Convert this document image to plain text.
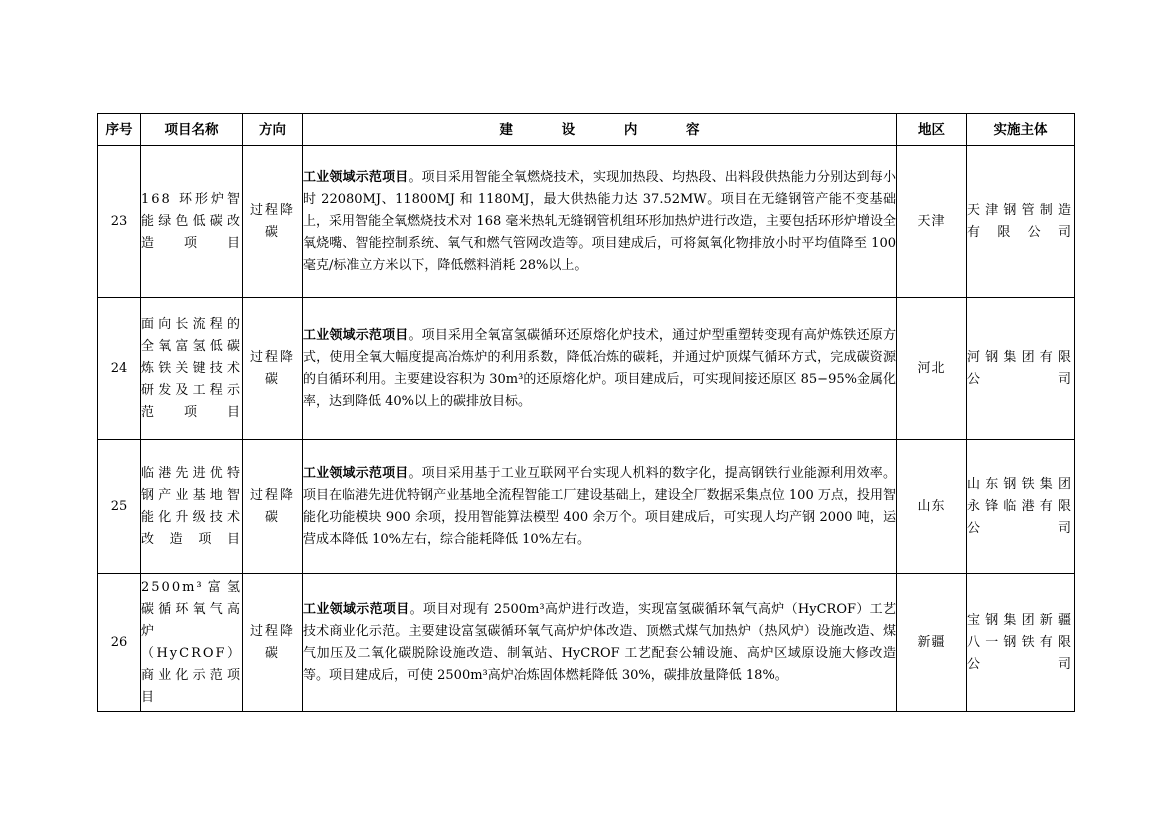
序号	项目名称	方向	建 设 内 容	地区	实施主体
23	168 环形炉智能绿色低碳改造项目	过程降碳	工业领域示范项目。项目采用智能全氧燃烧技术，实现加热段、均热段、出料段供热能力分别达到每小时 22080MJ、11800MJ 和 1180MJ，最大供热能力达 37.52MW。项目在无缝钢管产能不变基础上，采用智能全氧燃烧技术对 168 毫米热轧无缝钢管机组环形加热炉进行改造，主要包括环形炉增设全氧烧嘴、智能控制系统、氧气和燃气管网改造等。项目建成后，可将氮氧化物排放小时平均值降至 100 毫克/标准立方米以下，降低燃料消耗 28%以上。	天津	天津钢管制造有限公司
24	面向长流程的全氧富氢低碳炼铁关键技术研发及工程示范项目	过程降碳	工业领域示范项目。项目采用全氧富氢碳循环还原熔化炉技术，通过炉型重塑转变现有高炉炼铁还原方式，使用全氧大幅度提高冶炼炉的利用系数，降低冶炼的碳耗，并通过炉顶煤气循环方式，完成碳资源的自循环利用。主要建设容积为 30m³的还原熔化炉。项目建成后，可实现间接还原区 85−95%金属化率，达到降低 40%以上的碳排放目标。	河北	河钢集团有限公司
25	临港先进优特钢产业基地智能化升级技术改造项目	过程降碳	工业领域示范项目。项目采用基于工业互联网平台实现人机料的数字化，提高钢铁行业能源利用效率。项目在临港先进优特钢产业基地全流程智能工厂建设基础上，建设全厂数据采集点位 100 万点，投用智能化功能模块 900 余项，投用智能算法模型 400 余万个。项目建成后，可实现人均产钢 2000 吨，运营成本降低 10%左右，综合能耗降低 10%左右。	山东	山东钢铁集团永锋临港有限公司
26	2500m³富氢碳循环氧气高炉（HyCROF）商业化示范项目	过程降碳	工业领域示范项目。项目对现有 2500m³高炉进行改造，实现富氢碳循环氧气高炉（HyCROF）工艺技术商业化示范。主要建设富氢碳循环氧气高炉炉体改造、顶燃式煤气加热炉（热风炉）设施改造、煤气加压及二氧化碳脱除设施改造、制氧站、HyCROF 工艺配套公辅设施、高炉区域原设施大修改造等。项目建成后，可使 2500m³高炉冶炼固体燃耗降低 30%，碳排放量降低 18%。	新疆	宝钢集团新疆八一钢铁有限公司
